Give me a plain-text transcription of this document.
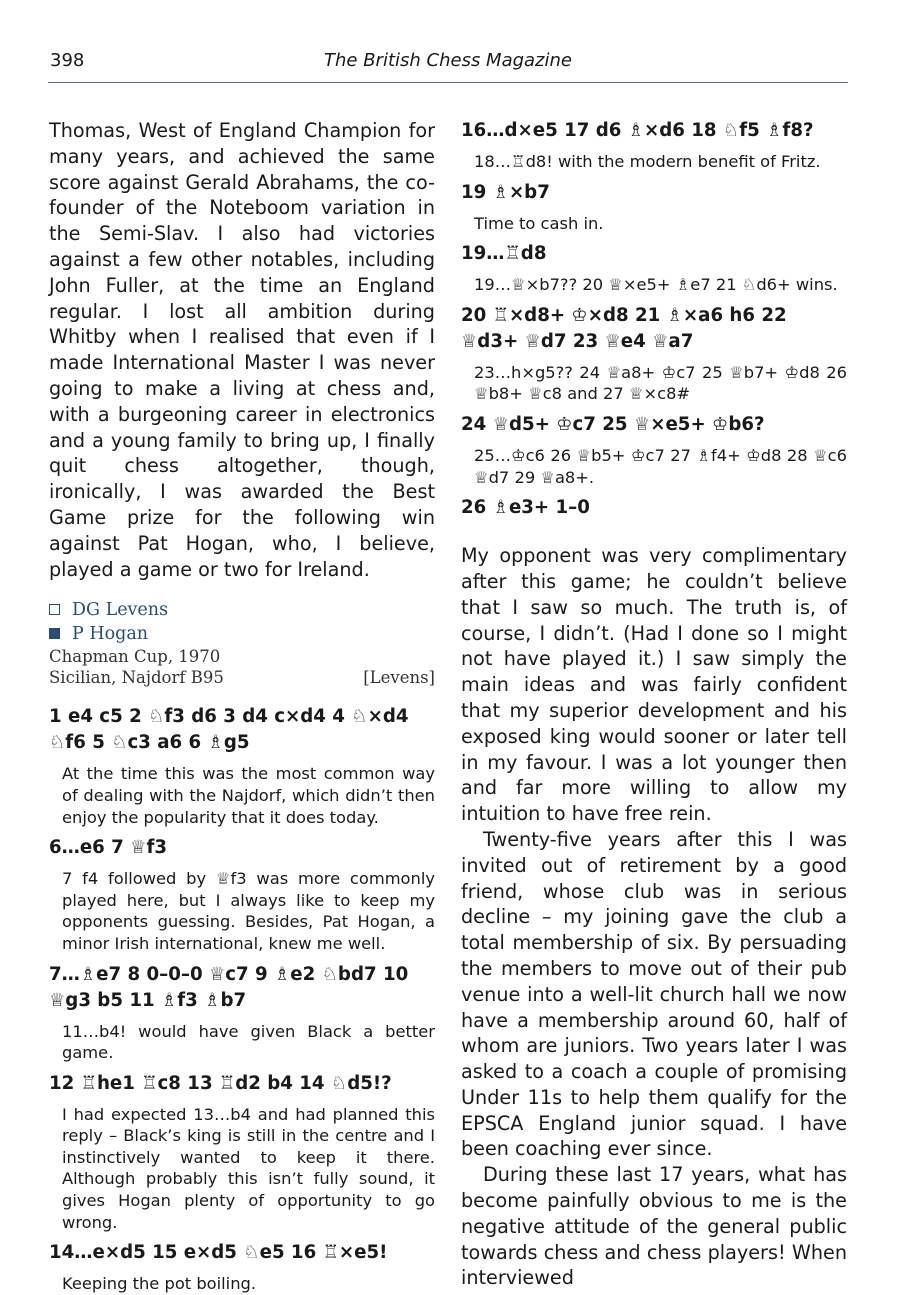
398	The British Chess Magazine

Thomas, West of England Champion for many years, and achieved the same score against Gerald Abrahams, the co-founder of the Noteboom variation in the Semi-Slav. I also had victories against a few other notables, including John Fuller, at the time an England regular. I lost all ambition during Whitby when I realised that even if I made International Master I was never going to make a living at chess and, with a burgeoning career in electronics and a young family to bring up, I finally quit chess altogether, though, ironically, I was awarded the Best Game prize for the following win against Pat Hogan, who, I believe, played a game or two for Ireland.

DG Levens

P Hogan

Chapman Cup, 1970

Sicilian, Najdorf B95	[Levens]

1 e4 c5 2 ♘f3 d6 3 d4 c×d4 4 ♘×d4 ♘f6 5 ♘c3 a6 6 ♗g5

At the time this was the most common way of dealing with the Najdorf, which didn’t then enjoy the popularity that it does today.

6…e6 7 ♕f3

7 f4 followed by ♕f3 was more commonly played here, but I always like to keep my opponents guessing. Besides, Pat Hogan, a minor Irish international, knew me well.

7…♗e7 8 0–0–0 ♕c7 9 ♗e2 ♘bd7 10 ♕g3 b5 11 ♗f3 ♗b7

11…b4! would have given Black a better game.

12 ♖he1 ♖c8 13 ♖d2 b4 14 ♘d5!?

I had expected 13…b4 and had planned this reply – Black’s king is still in the centre and I instinctively wanted to keep it there. Although probably this isn’t fully sound, it gives Hogan plenty of opportunity to go wrong.

14…e×d5 15 e×d5 ♘e5 16 ♖×e5!

Keeping the pot boiling.

16…d×e5 17 d6 ♗×d6 18 ♘f5 ♗f8?

18…♖d8! with the modern benefit of Fritz.

19 ♗×b7

Time to cash in.

19…♖d8

19…♕×b7?? 20 ♕×e5+ ♗e7 21 ♘d6+ wins.

20 ♖×d8+ ♔×d8 21 ♗×a6 h6 22 ♕d3+ ♕d7 23 ♕e4 ♕a7

23…h×g5?? 24 ♕a8+ ♔c7 25 ♕b7+ ♔d8 26 ♕b8+ ♕c8 and 27 ♕×c8#

24 ♕d5+ ♔c7 25 ♕×e5+ ♔b6?

25…♔c6 26 ♕b5+ ♔c7 27 ♗f4+ ♔d8 28 ♕c6 ♕d7 29 ♕a8+.

26 ♗e3+ 1–0

My opponent was very complimentary after this game; he couldn’t believe that I saw so much. The truth is, of course, I didn’t. (Had I done so I might not have played it.) I saw simply the main ideas and was fairly confident that my superior development and his exposed king would sooner or later tell in my favour. I was a lot younger then and far more willing to allow my intuition to have free rein.

Twenty-five years after this I was invited out of retirement by a good friend, whose club was in serious decline – my joining gave the club a total membership of six. By persuading the members to move out of their pub venue into a well-lit church hall we now have a membership around 60, half of whom are juniors. Two years later I was asked to a coach a couple of promising Under 11s to help them qualify for the EPSCA England junior squad. I have been coaching ever since.

During these last 17 years, what has become painfully obvious to me is the negative attitude of the general public towards chess and chess players! When interviewed
